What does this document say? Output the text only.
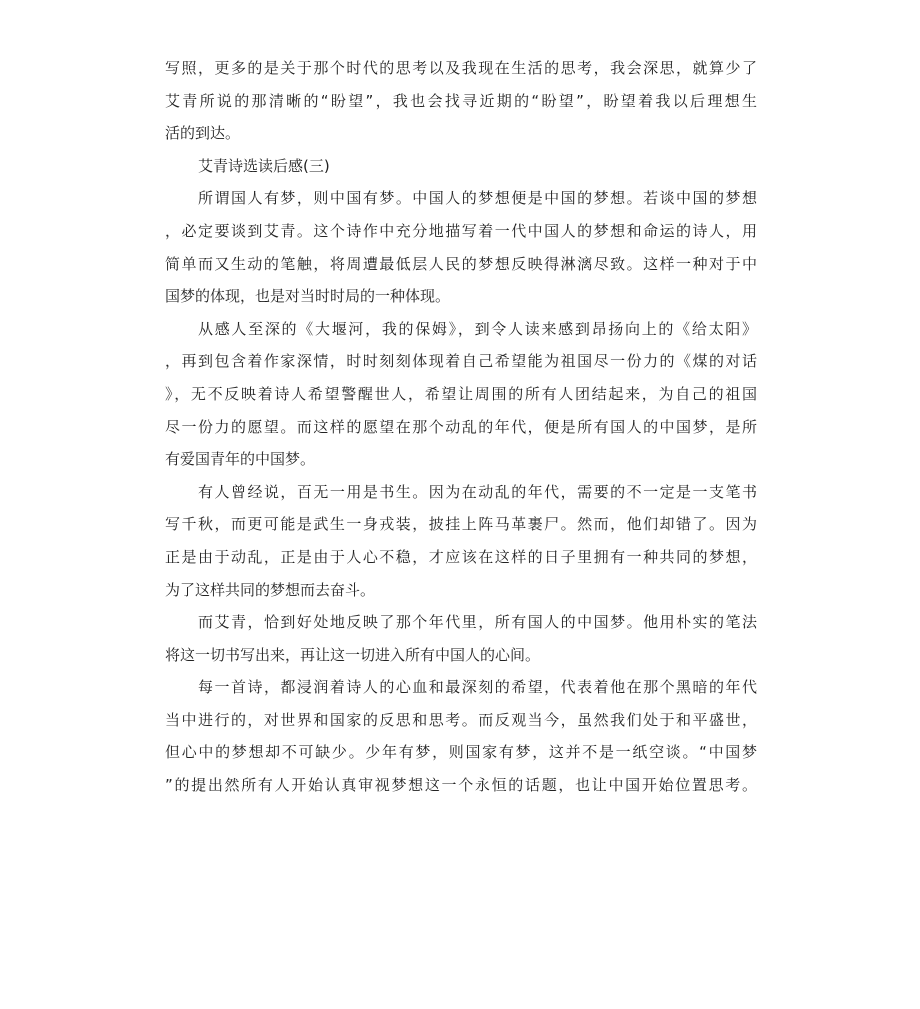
写照，更多的是关于那个时代的思考以及我现在生活的思考，我会深思，就算少了
艾青所说的那清晰的“盼望”，我也会找寻近期的“盼望”，盼望着我以后理想生
活的到达。
艾青诗选读后感(三)
所谓国人有梦，则中国有梦。中国人的梦想便是中国的梦想。若谈中国的梦想
，必定要谈到艾青。这个诗作中充分地描写着一代中国人的梦想和命运的诗人，用
简单而又生动的笔触，将周遭最低层人民的梦想反映得淋漓尽致。这样一种对于中
国梦的体现，也是对当时时局的一种体现。
从感人至深的《大堰河，我的保姆》，到令人读来感到昂扬向上的《给太阳》
，再到包含着作家深情，时时刻刻体现着自己希望能为祖国尽一份力的《煤的对话
》，无不反映着诗人希望警醒世人，希望让周围的所有人团结起来，为自己的祖国
尽一份力的愿望。而这样的愿望在那个动乱的年代，便是所有国人的中国梦，是所
有爱国青年的中国梦。
有人曾经说，百无一用是书生。因为在动乱的年代，需要的不一定是一支笔书
写千秋，而更可能是武生一身戎装，披挂上阵马革裹尸。然而，他们却错了。因为
正是由于动乱，正是由于人心不稳，才应该在这样的日子里拥有一种共同的梦想，
为了这样共同的梦想而去奋斗。
而艾青，恰到好处地反映了那个年代里，所有国人的中国梦。他用朴实的笔法
将这一切书写出来，再让这一切进入所有中国人的心间。
每一首诗，都浸润着诗人的心血和最深刻的希望，代表着他在那个黑暗的年代
当中进行的，对世界和国家的反思和思考。而反观当今，虽然我们处于和平盛世，
但心中的梦想却不可缺少。少年有梦，则国家有梦，这并不是一纸空谈。“中国梦
”的提出然所有人开始认真审视梦想这一个永恒的话题，也让中国开始位置思考。
